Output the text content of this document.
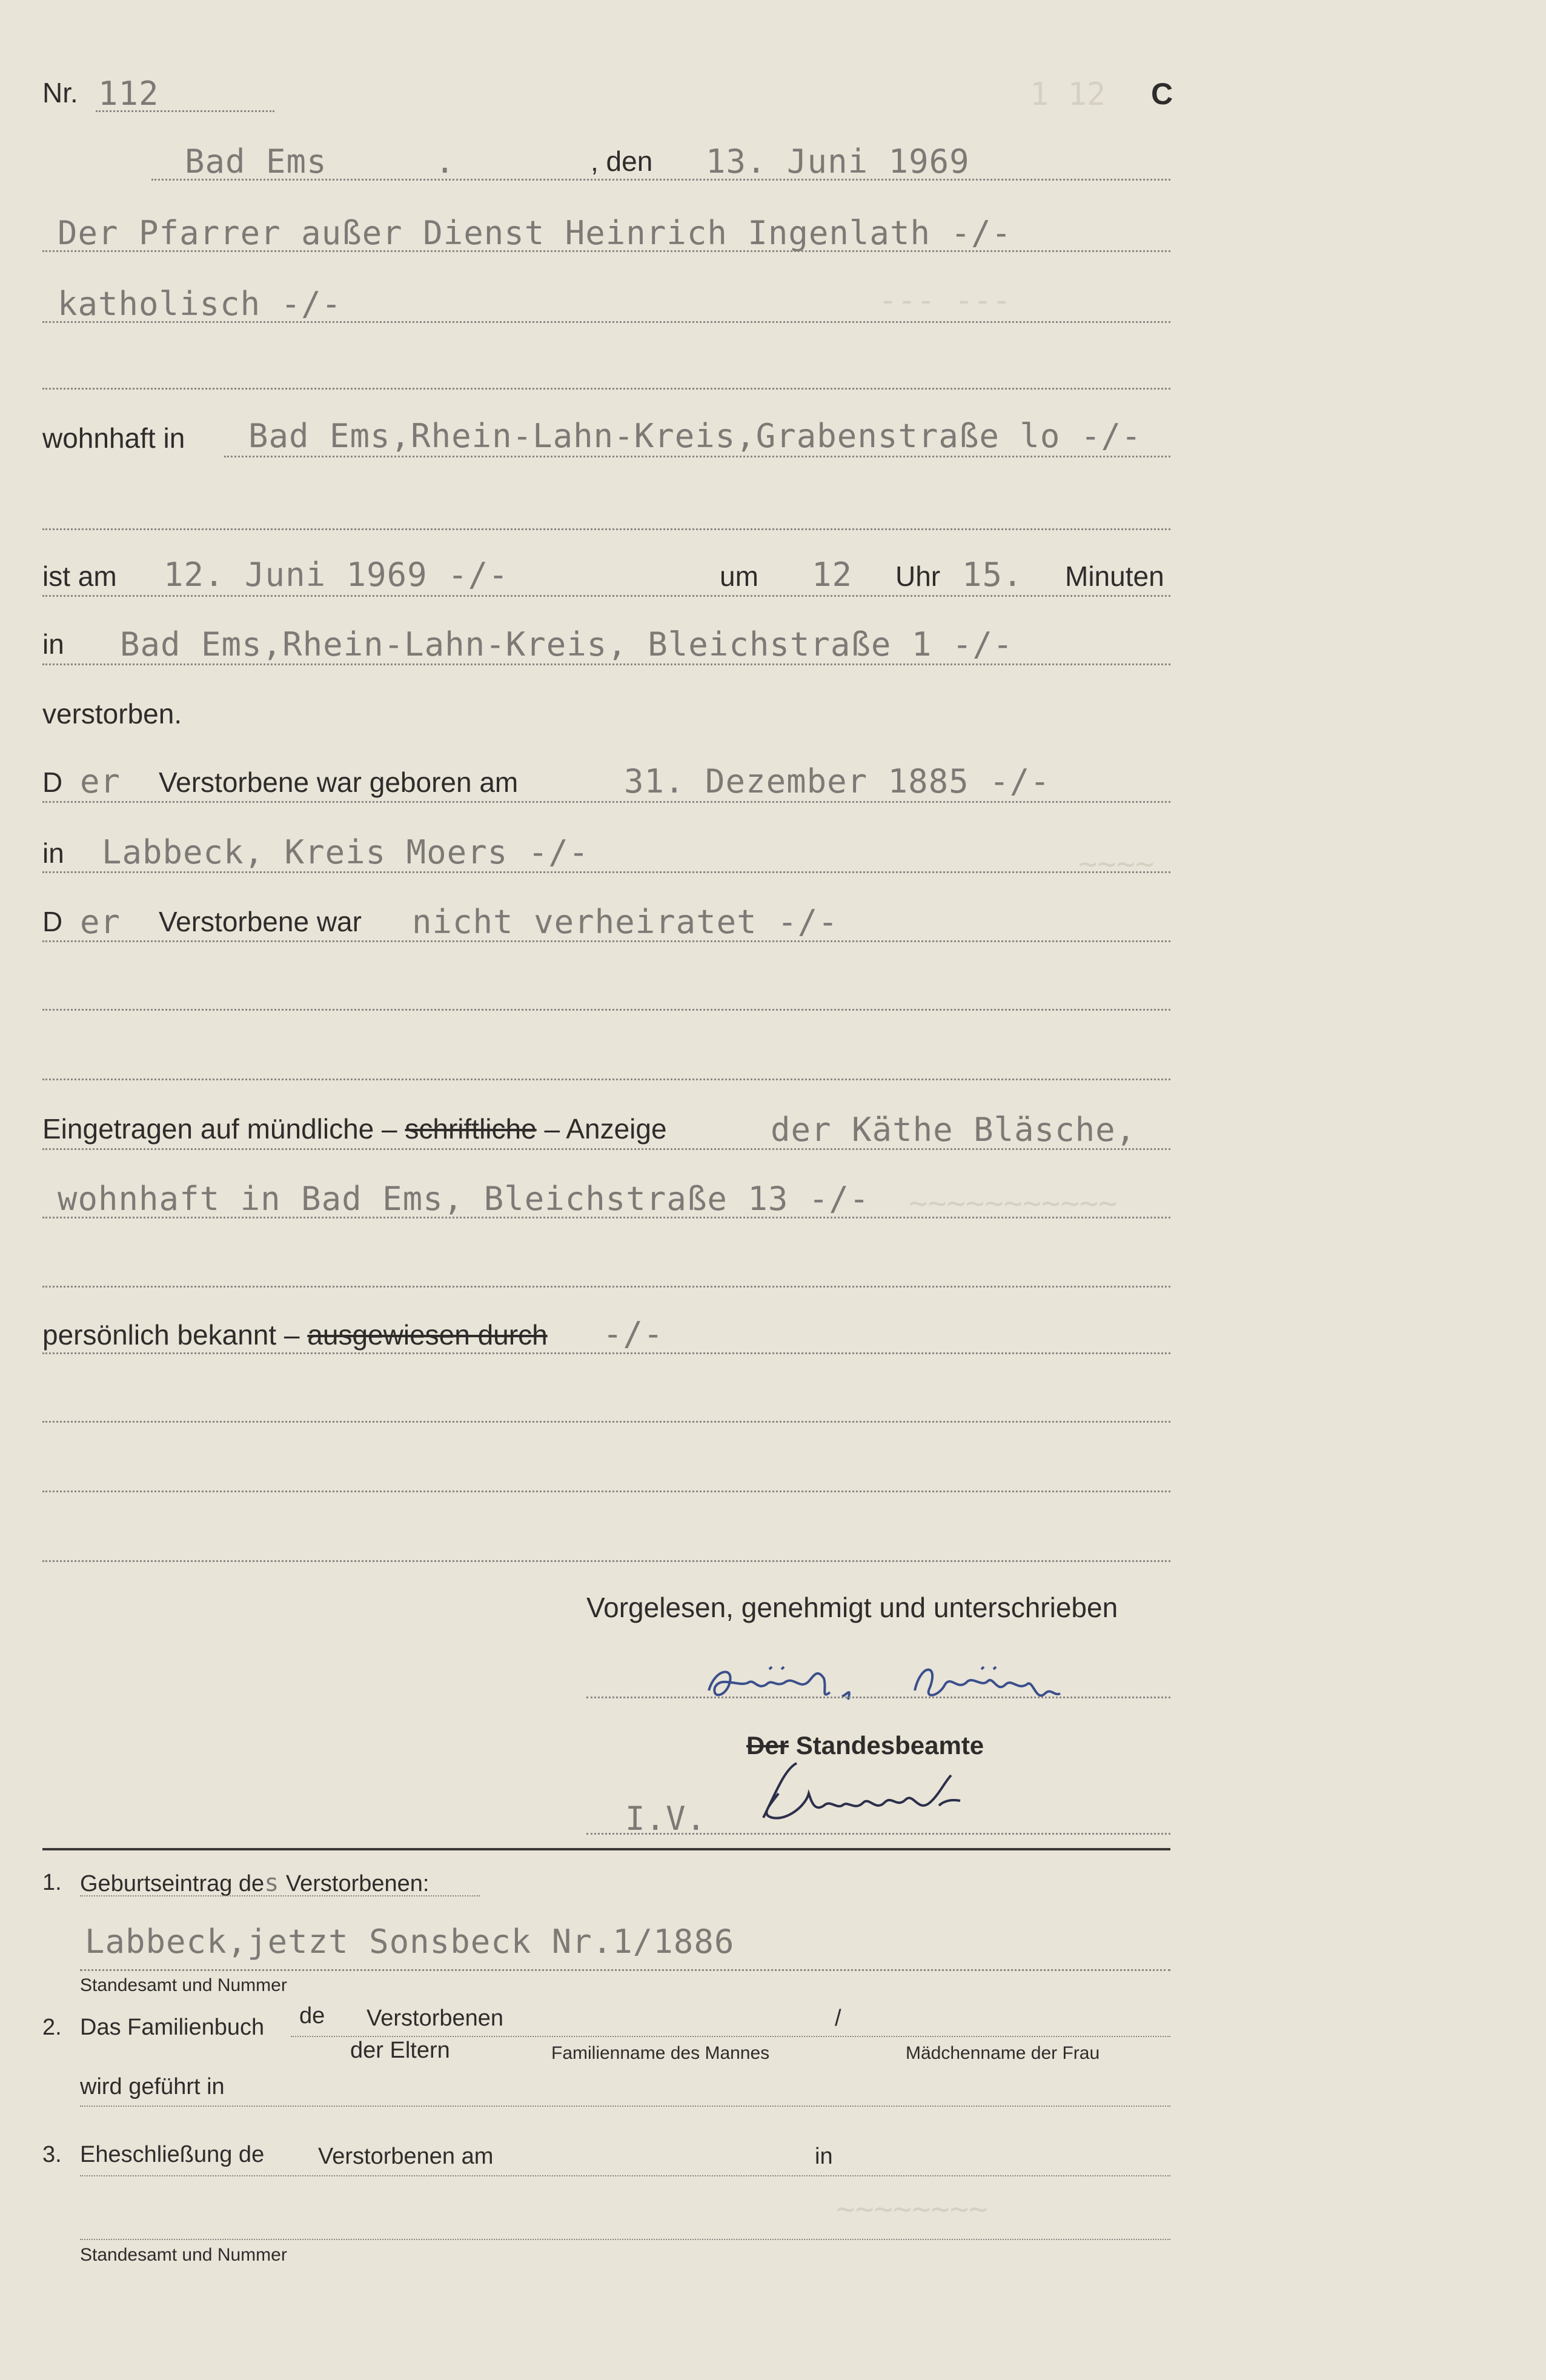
1 12
--- ---
~~~~
~~~~~~~~~~~
~~~~~~~~
Nr. 112	C
Bad Ems	.	, den 13. Juni 1969
Der Pfarrer außer Dienst Heinrich Ingenlath -/-
katholisch -/-
wohnhaft in Bad Ems,Rhein-Lahn-Kreis,Grabenstraße lo -/-
ist am 12. Juni 1969 -/-	um 12 Uhr 15. Minuten
in Bad Ems,Rhein-Lahn-Kreis, Bleichstraße 1 -/-
verstorben.
D er Verstorbene war geboren am	31. Dezember 1885 -/-
in Labbeck, Kreis Moers -/-
D er Verstorbene war nicht verheiratet -/-
Eingetragen auf mündliche – schriftliche – Anzeige	der Käthe Bläsche,
wohnhaft in Bad Ems, Bleichstraße 13 -/-
persönlich bekannt – ausgewiesen durch -/-
Vorgelesen, genehmigt und unterschrieben
Der Standesbeamte
I.V.
1. Geburtseintrag des Verstorbenen:
Labbeck,jetzt Sonsbeck Nr.1/1886
Standesamt und Nummer
2. Das Familienbuch de Verstorbenen	/
der Eltern	Familienname des Mannes	Mädchenname der Frau
wird geführt in
3. Eheschließung de Verstorbenen am	in
Standesamt und Nummer
